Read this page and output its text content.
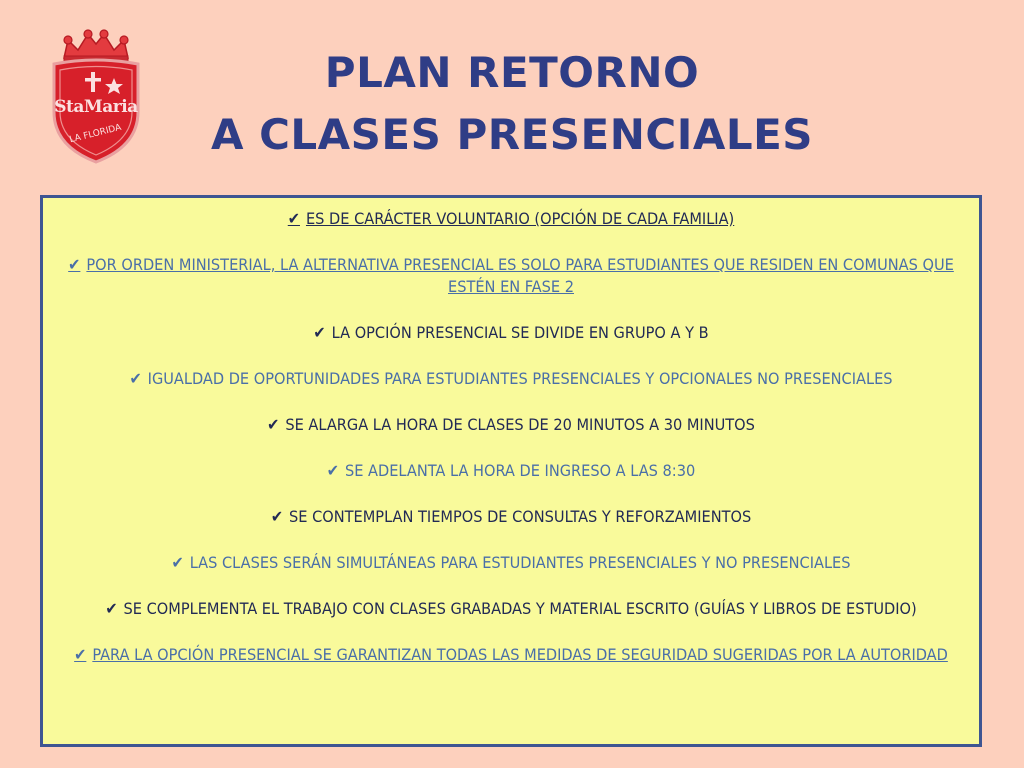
StaMaria
LA FLORIDA
PLAN RETORNO
A CLASES PRESENCIALES
✔ ES DE CARÁCTER VOLUNTARIO (OPCIÓN DE CADA FAMILIA)
✔ POR ORDEN MINISTERIAL, LA ALTERNATIVA PRESENCIAL ES SOLO PARA ESTUDIANTES QUE RESIDEN EN COMUNAS QUE ESTÉN EN FASE 2
✔ LA OPCIÓN PRESENCIAL SE DIVIDE EN GRUPO A Y B
✔ IGUALDAD DE OPORTUNIDADES PARA ESTUDIANTES PRESENCIALES Y OPCIONALES NO PRESENCIALES
✔ SE ALARGA LA HORA DE CLASES DE 20 MINUTOS A 30 MINUTOS
✔ SE ADELANTA LA HORA DE INGRESO A LAS 8:30
✔ SE CONTEMPLAN TIEMPOS DE CONSULTAS Y REFORZAMIENTOS
✔ LAS CLASES SERÁN SIMULTÁNEAS PARA ESTUDIANTES PRESENCIALES Y NO PRESENCIALES
✔ SE COMPLEMENTA EL TRABAJO CON CLASES GRABADAS Y MATERIAL ESCRITO (GUÍAS Y LIBROS DE ESTUDIO)
✔ PARA LA OPCIÓN PRESENCIAL SE GARANTIZAN TODAS LAS MEDIDAS DE SEGURIDAD SUGERIDAS POR LA AUTORIDAD
